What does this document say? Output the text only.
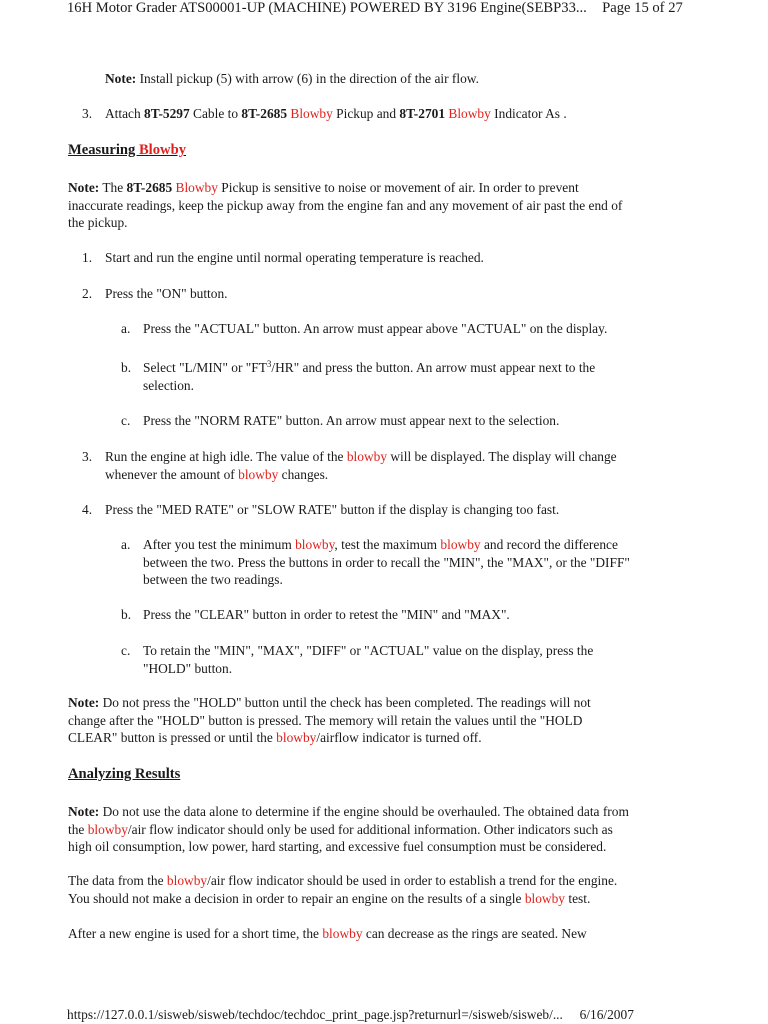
16H Motor Grader ATS00001-UP (MACHINE) POWERED BY 3196 Engine(SEBP33... Page 15 of 27
Note: Install pickup (5) with arrow (6) in the direction of the air flow.
3. Attach 8T-5297 Cable to 8T-2685 Blowby Pickup and 8T-2701 Blowby Indicator As .
Measuring Blowby
Note: The 8T-2685 Blowby Pickup is sensitive to noise or movement of air. In order to prevent
inaccurate readings, keep the pickup away from the engine fan and any movement of air past the end of
the pickup.
1. Start and run the engine until normal operating temperature is reached.
2. Press the "ON" button.
a. Press the "ACTUAL" button. An arrow must appear above "ACTUAL" on the display.
b. Select "L/MIN" or "$FT^3/HR$" and press the button. An arrow must appear next to the
selection.
c. Press the "NORM RATE" button. An arrow must appear next to the selection.
3. Run the engine at high idle. The value of the blowby will be displayed. The display will change
whenever the amount of blowby changes.
4. Press the "MED RATE" or "SLOW RATE" button if the display is changing too fast.
a. After you test the minimum blowby, test the maximum blowby and record the difference
between the two. Press the buttons in order to recall the "MIN", the "MAX", or the "DIFF"
between the two readings.
b. Press the "CLEAR" button in order to retest the "MIN" and "MAX".
c. To retain the "MIN", "MAX", "DIFF" or "ACTUAL" value on the display, press the
"HOLD" button.
Note: Do not press the "HOLD" button until the check has been completed. The readings will not
change after the "HOLD" button is pressed. The memory will retain the values until the "HOLD
CLEAR" button is pressed or until the blowby/airflow indicator is turned off.
Analyzing Results
Note: Do not use the data alone to determine if the engine should be overhauled. The obtained data from
the blowby/air flow indicator should only be used for additional information. Other indicators such as
high oil consumption, low power, hard starting, and excessive fuel consumption must be considered.
The data from the blowby/air flow indicator should be used in order to establish a trend for the engine.
You should not make a decision in order to repair an engine on the results of a single blowby test.
After a new engine is used for a short time, the blowby can decrease as the rings are seated. New
https://127.0.0.1/sisweb/sisweb/techdoc/techdoc_print_page.jsp?returnurl=/sisweb/sisweb/... 6/16/2007
